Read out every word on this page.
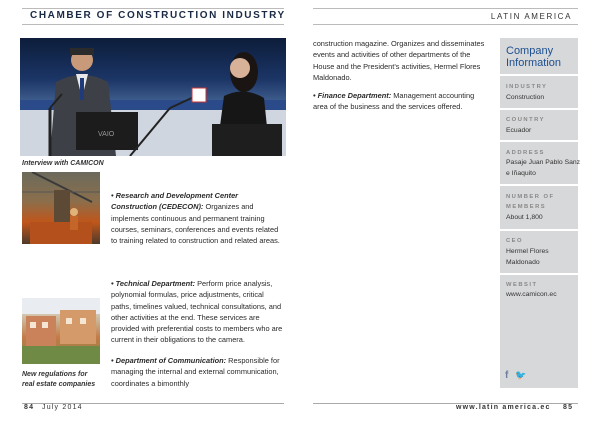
CHAMBER OF CONSTRUCTION INDUSTRY	LATIN AMERICA
VAIO
Interview with CAMICON
New regulations for
real estate companies
• Research and Development Center Construction (CEDECON): Organizes and implements continuous and permanent training courses, seminars, conferences and events related to training related to construction and related areas.
• Technical Department: Perform price analysis, polynomial formulas, price adjustments, critical paths, timelines valued, technical consultations, and other activities at the end. These services are provided with preferential costs to members who are current in their obligations to the camera.
• Department of Communication: Responsible for managing the internal and external communication, coordinates a bimonthly
construction magazine. Organizes and disseminates events and activities of other departments of the House and the President's activities, Hermel Flores Maldonado.
• Finance Department: Management accounting area of the business and the services offered.
Company
Information
INDUSTRY
Construction
COUNTRY
Ecuador
ADDRESS
Pasaje Juan Pablo Sanz
e Iñaquito
NUMBER OF
MEMBERS
About 1,800
CEO
Hermel Flores
Maldonado
WEBSIT
www.camicon.ec
f 🐦
84 July 2014	www.latin america.ec 85
